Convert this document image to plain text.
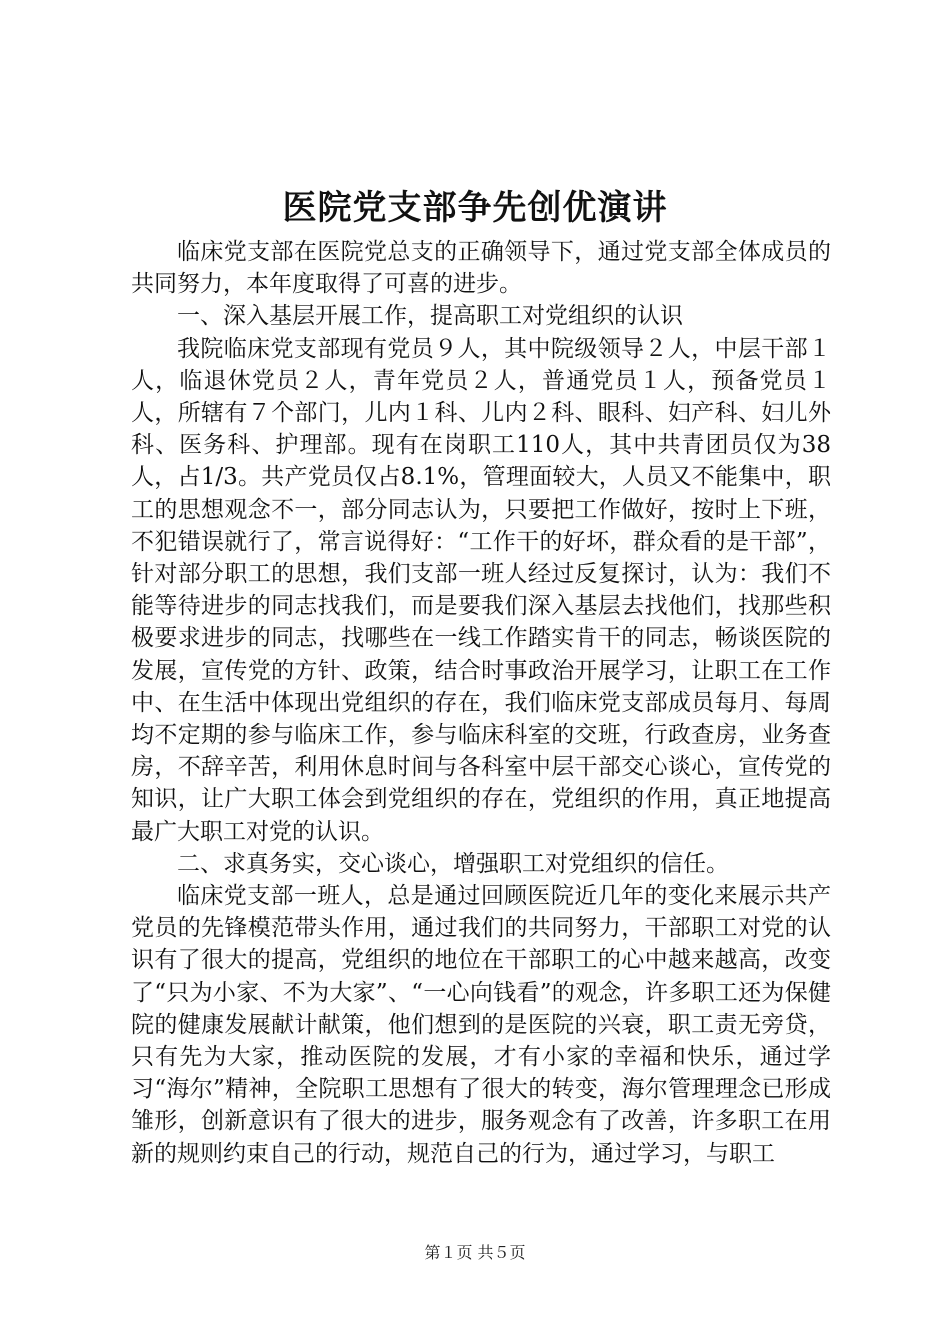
医院党支部争先创优演讲

临床党支部在医院党总支的正确领导下，通过党支部全体成员的共同努力，本年度取得了可喜的进步。

一、深入基层开展工作，提高职工对党组织的认识

我院临床党支部现有党员９人，其中院级领导２人，中层干部１人，临退休党员２人，青年党员２人，普通党员１人，预备党员１人，所辖有７个部门，儿内１科、儿内２科、眼科、妇产科、妇儿外科、医务科、护理部。现有在岗职工110人，其中共青团员仅为38人，占1/3。共产党员仅占8.1%，管理面较大，人员又不能集中，职工的思想观念不一，部分同志认为，只要把工作做好，按时上下班，不犯错误就行了，常言说得好：“工作干的好坏，群众看的是干部”，针对部分职工的思想，我们支部一班人经过反复探讨，认为：我们不能等待进步的同志找我们，而是要我们深入基层去找他们，找那些积极要求进步的同志，找哪些在一线工作踏实肯干的同志，畅谈医院的发展，宣传党的方针、政策，结合时事政治开展学习，让职工在工作中、在生活中体现出党组织的存在，我们临床党支部成员每月、每周均不定期的参与临床工作，参与临床科室的交班，行政查房，业务查房，不辞辛苦，利用休息时间与各科室中层干部交心谈心，宣传党的知识，让广大职工体会到党组织的存在，党组织的作用，真正地提高最广大职工对党的认识。

二、求真务实，交心谈心，增强职工对党组织的信任。

临床党支部一班人，总是通过回顾医院近几年的变化来展示共产党员的先锋模范带头作用，通过我们的共同努力，干部职工对党的认识有了很大的提高，党组织的地位在干部职工的心中越来越高，改变了“只为小家、不为大家”、“一心向钱看”的观念，许多职工还为保健院的健康发展献计献策，他们想到的是医院的兴衰，职工责无旁贷，只有先为大家，推动医院的发展，才有小家的幸福和快乐，通过学习“海尔”精神，全院职工思想有了很大的转变，海尔管理理念已形成雏形，创新意识有了很大的进步，服务观念有了改善，许多职工在用新的规则约束自己的行动，规范自己的行为，通过学习，与职工

第１页 共５页
